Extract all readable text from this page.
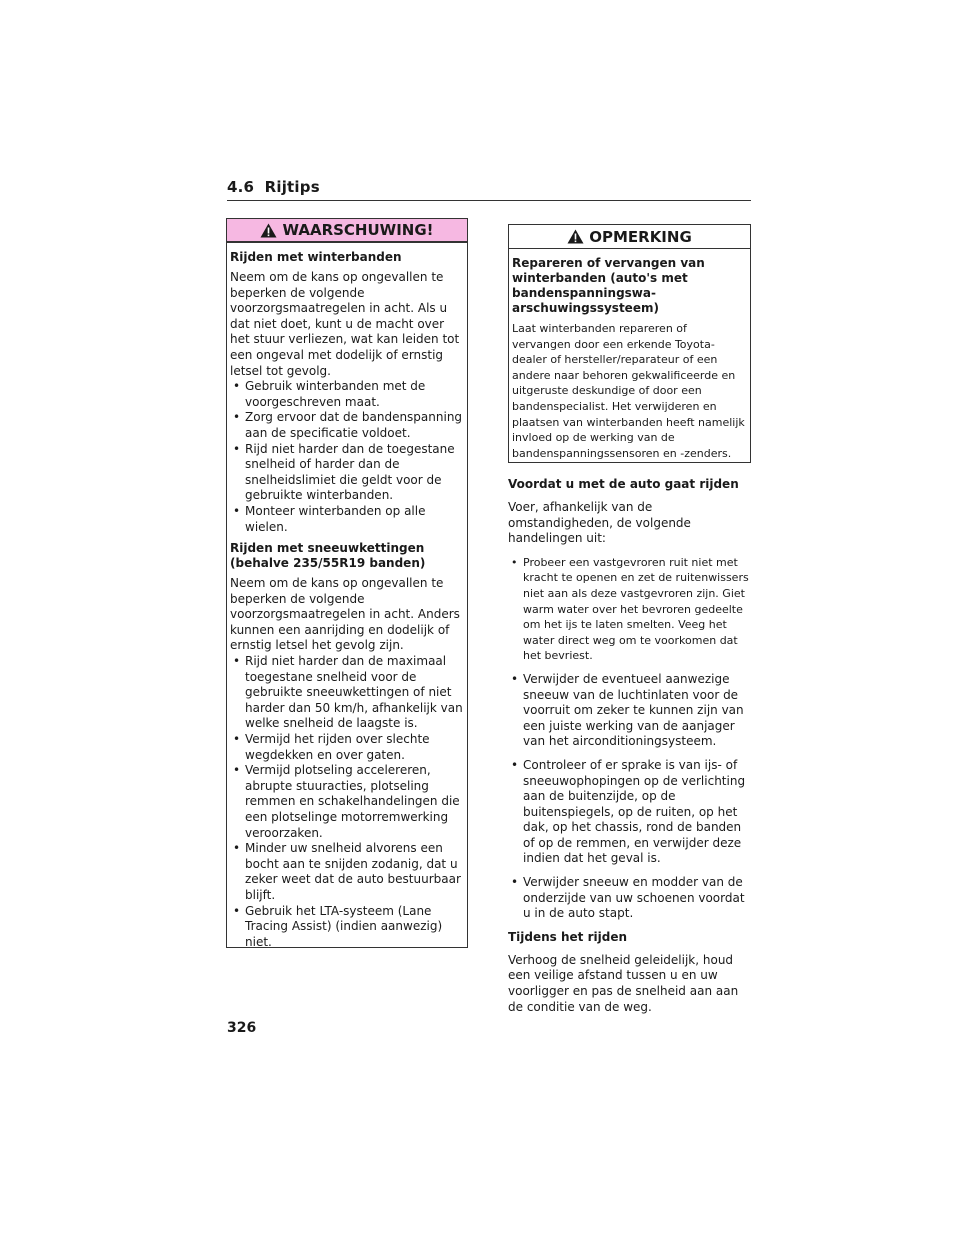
4.6 Rijtips
WAARSCHUWING!
Rijden met winterbanden

Neem om de kans op ongevallen te beperken de volgende voorzorgsmaatregelen in acht. Als u dat niet doet, kunt u de macht over het stuur verliezen, wat kan leiden tot een ongeval met dodelijk of ernstig letsel tot gevolg.

• Gebruik winterbanden met de voorgeschreven maat.
• Zorg ervoor dat de bandenspanning aan de specificatie voldoet.
• Rijd niet harder dan de toegestane snelheid of harder dan de snelheidslimiet die geldt voor de gebruikte winterbanden.
• Monteer winterbanden op alle wielen.
Rijden met sneeuwkettingen (behalve 235/55R19 banden)

Neem om de kans op ongevallen te beperken de volgende voorzorgsmaatregelen in acht. Anders kunnen een aanrijding en dodelijk of ernstig letsel het gevolg zijn.

• Rijd niet harder dan de maximaal toegestane snelheid voor de gebruikte sneeuwkettingen of niet harder dan 50 km/h, afhankelijk van welke snelheid de laagste is.
• Vermijd het rijden over slechte wegdekken en over gaten.
• Vermijd plotseling accelereren, abrupte stuuracties, plotseling remmen en schakelhandelingen die een plotselinge motorremwerking veroorzaken.
• Minder uw snelheid alvorens een bocht aan te snijden zodanig, dat u zeker weet dat de auto bestuurbaar blijft.
• Gebruik het LTA-systeem (Lane Tracing Assist) (indien aanwezig) niet.
OPMERKING
Repareren of vervangen van winterbanden (auto's met bandenspanningswa-arschuwingssysteem)

Laat winterbanden repareren of vervangen door een erkende Toyota-dealer of hersteller/reparateur of een andere naar behoren gekwalificeerde en uitgeruste deskundige of door een bandenspecialist. Het verwijderen en plaatsen van winterbanden heeft namelijk invloed op de werking van de bandenspanningssensoren en -zenders.

Voordat u met de auto gaat rijden

Voer, afhankelijk van de omstandigheden, de volgende handelingen uit:

• Probeer een vastgevroren ruit niet met kracht te openen en zet de ruitenwissers niet aan als deze vastgevroren zijn. Giet warm water over het bevroren gedeelte om het ijs te laten smelten. Veeg het water direct weg om te voorkomen dat het bevriest.
• Verwijder de eventueel aanwezige sneeuw van de luchtinlaten voor de voorruit om zeker te kunnen zijn van een juiste werking van de aanjager van het airconditioningsysteem.
• Controleer of er sprake is van ijs- of sneeuwophopingen op de verlichting aan de buitenzijde, op de buitenspiegels, op de ruiten, op het dak, op het chassis, rond de banden of op de remmen, en verwijder deze indien dat het geval is.
• Verwijder sneeuw en modder van de onderzijde van uw schoenen voordat u in de auto stapt.
Tijdens het rijden

Verhoog de snelheid geleidelijk, houd een veilige afstand tussen u en uw voorligger en pas de snelheid aan aan de conditie van de weg.

326
